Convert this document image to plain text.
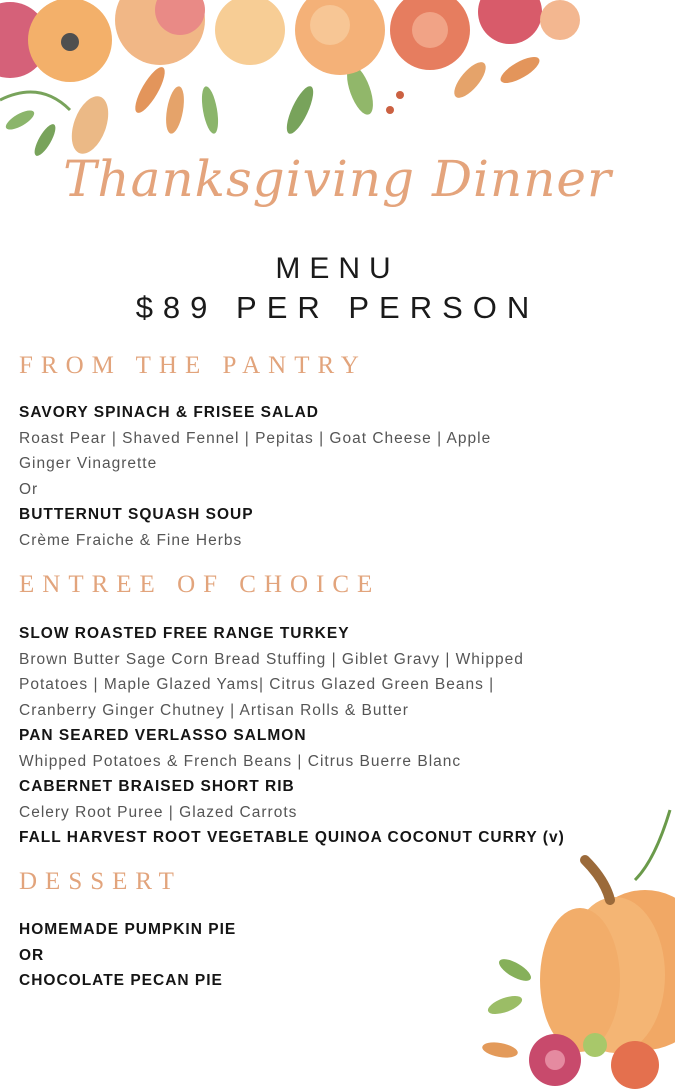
Thanksgiving Dinner
MENU
$89 PER PERSON
FROM THE PANTRY
SAVORY SPINACH & FRISEE SALAD
Roast Pear | Shaved Fennel | Pepitas | Goat Cheese | Apple
Ginger Vinagrette
Or
BUTTERNUT SQUASH SOUP
Crème Fraiche & Fine Herbs
ENTREE OF CHOICE
SLOW ROASTED FREE RANGE TURKEY
Brown Butter Sage Corn Bread Stuffing | Giblet Gravy | Whipped
Potatoes | Maple Glazed Yams| Citrus Glazed Green Beans |
Cranberry Ginger Chutney | Artisan Rolls & Butter
PAN SEARED VERLASSO SALMON
Whipped Potatoes & French Beans | Citrus Buerre Blanc
CABERNET BRAISED SHORT RIB
Celery Root Puree | Glazed Carrots
FALL HARVEST ROOT VEGETABLE QUINOA COCONUT CURRY (v)
DESSERT
HOMEMADE PUMPKIN PIE
OR
CHOCOLATE PECAN PIE
